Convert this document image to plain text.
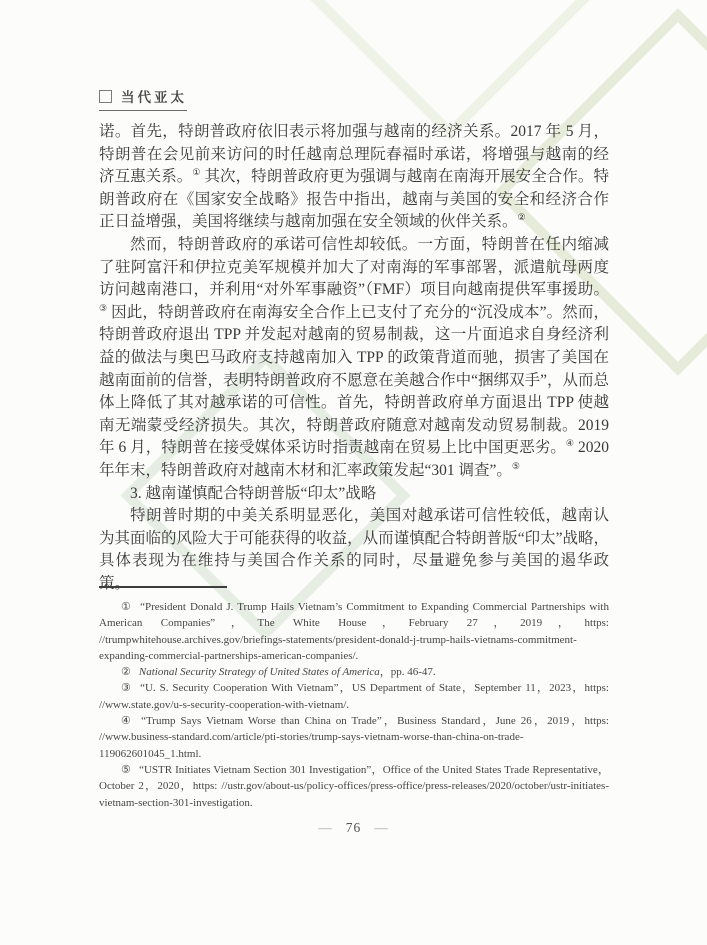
当代亚太

诺。首先，特朗普政府依旧表示将加强与越南的经济关系。2017 年 5 月，特朗普在会见前来访问的时任越南总理阮春福时承诺，将增强与越南的经济互惠关系。① 其次，特朗普政府更为强调与越南在南海开展安全合作。特朗普政府在《国家安全战略》报告中指出，越南与美国的安全和经济合作正日益增强，美国将继续与越南加强在安全领域的伙伴关系。②

然而，特朗普政府的承诺可信性却较低。一方面，特朗普在任内缩减了驻阿富汗和伊拉克美军规模并加大了对南海的军事部署，派遣航母两度访问越南港口，并利用“对外军事融资”（FMF）项目向越南提供军事援助。③ 因此，特朗普政府在南海安全合作上已支付了充分的“沉没成本”。然而，特朗普政府退出 TPP 并发起对越南的贸易制裁，这一片面追求自身经济利益的做法与奥巴马政府支持越南加入 TPP 的政策背道而驰，损害了美国在越南面前的信誉，表明特朗普政府不愿意在美越合作中“捆绑双手”，从而总体上降低了其对越承诺的可信性。首先，特朗普政府单方面退出 TPP 使越南无端蒙受经济损失。其次，特朗普政府随意对越南发动贸易制裁。2019 年 6 月，特朗普在接受媒体采访时指责越南在贸易上比中国更恶劣。④ 2020 年年末，特朗普政府对越南木材和汇率政策发起“301 调查”。⑤

3. 越南谨慎配合特朗普版“印太”战略

特朗普时期的中美关系明显恶化，美国对越承诺可信性较低，越南认为其面临的风险大于可能获得的收益，从而谨慎配合特朗普版“印太”战略，具体表现为在维持与美国合作关系的同时，尽量避免参与美国的遏华政策。

① “President Donald J. Trump Hails Vietnam’s Commitment to Expanding Commercial Partnerships with American Companies”，The White House，February 27，2019，https: //trumpwhitehouse.archives.gov/briefings-statements/president-donald-j-trump-hails-vietnams-commitment-expanding-commercial-partnerships-american-companies/.

② National Security Strategy of United States of America，pp. 46-47.

③ “U. S. Security Cooperation With Vietnam”，US Department of State，September 11，2023，https: //www.state.gov/u-s-security-cooperation-with-vietnam/.

④ “Trump Says Vietnam Worse than China on Trade”，Business Standard，June 26，2019，https: //www.business-standard.com/article/pti-stories/trump-says-vietnam-worse-than-china-on-trade-119062601045_1.html.

⑤ “USTR Initiates Vietnam Section 301 Investigation”，Office of the United States Trade Representative，October 2，2020，https: //ustr.gov/about-us/policy-offices/press-office/press-releases/2020/october/ustr-initiates-vietnam-section-301-investigation.

— 76 —
